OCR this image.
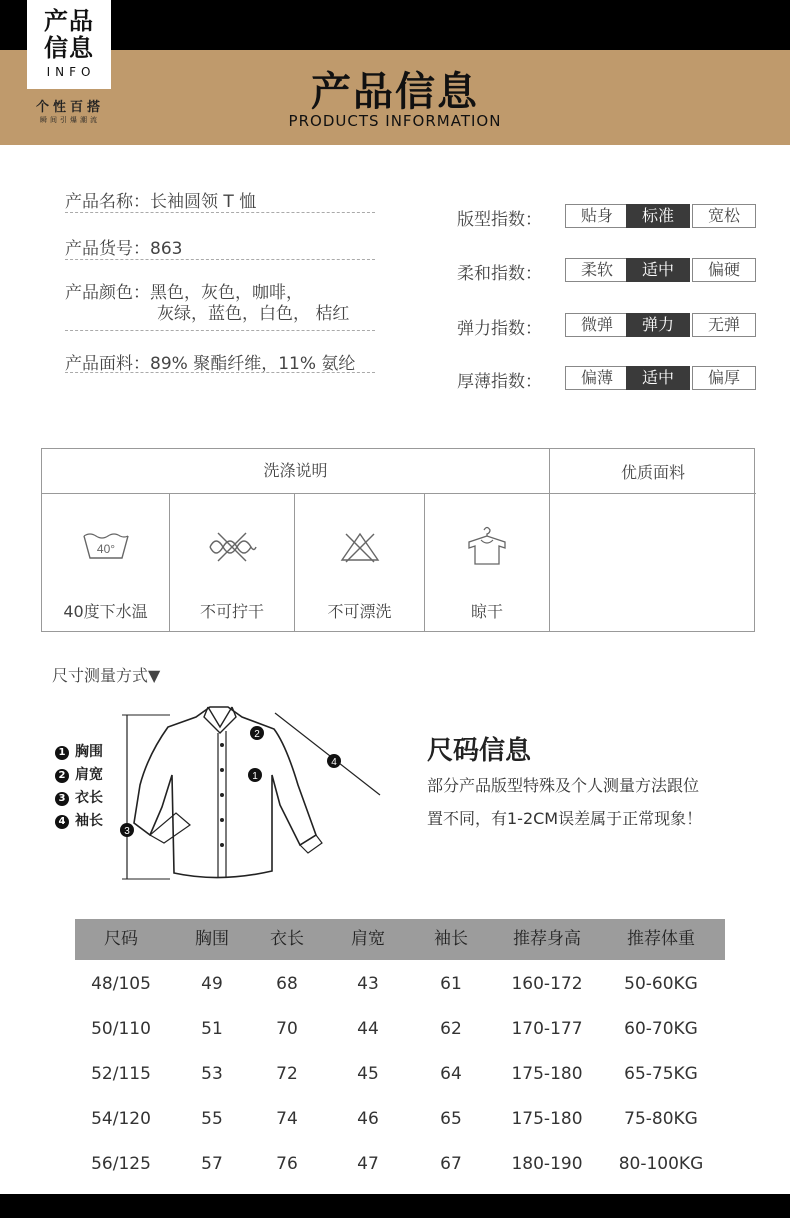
产品
信息
INFO
个性百搭
瞬间引爆潮流
产品信息
PRODUCTS INFORMATION
产品名称：长袖圆领 T 恤
产品货号：863
产品颜色：黑色，灰色，咖啡，
灰绿，蓝色，白色， 桔红
产品面料：89% 聚酯纤维，11% 氨纶
版型指数：	贴身	标准	宽松
柔和指数：	柔软	适中	偏硬
弹力指数：	微弹	弹力	无弹
厚薄指数：	偏薄	适中	偏厚
洗涤说明	优质面料
40°
40度下水温	不可拧干	不可漂洗	晾干
尺寸测量方式▼
2
1
3
4
1 胸围
2 肩宽
3 衣长
4 袖长
尺码信息
部分产品版型特殊及个人测量方法跟位
置不同，有1-2CM误差属于正常现象！
尺码	胸围	衣长	肩宽	袖长	推荐身高	推荐体重
48/105	49	68	43	61	160-172	50-60KG
50/110	51	70	44	62	170-177	60-70KG
52/115	53	72	45	64	175-180	65-75KG
54/120	55	74	46	65	175-180	75-80KG
56/125	57	76	47	67	180-190	80-100KG
